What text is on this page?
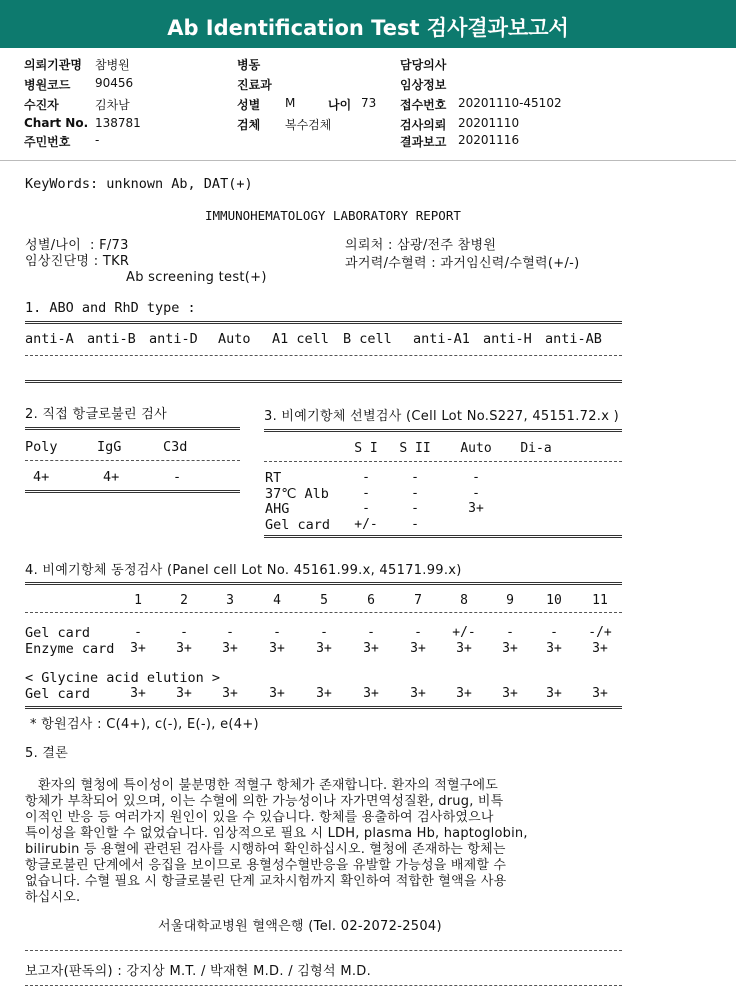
Ab Identification Test 검사결과보고서
의뢰기관명 참병원
병원코드 90456
수진자	김차남
Chart No. 138781
주민번호 -
병동
진료과
성별 M	나이 73
검체 복수검체
담당의사
임상정보
접수번호 20201110-45102
검사의뢰 20201110
결과보고 20201116
KeyWords: unknown Ab, DAT(+)
IMMUNOHEMATOLOGY LABORATORY REPORT
성별/나이  : F/73
임상진단명 : TKR
Ab screening test(+)
의뢰처 : 삼광/전주 참병원
과거력/수혈력 : 과거임신력/수혈력(+/-)
1. ABO and RhD type :
anti-A anti-B anti-D Auto A1 cell B cell anti-A1 anti-H anti-AB
2. 직접 항글로불린 검사
Poly	IgG	C3d
4+	4+	-
3. 비예기항체 선별검사 (Cell Lot No.S227, 45151.72.x )
S I	S II	Auto	Di-a
RT	-	-	-
37℃ Alb	-	-	-
AHG	-	-	3+
Gel card	+/-	-
4. 비예기항체 동정검사 (Panel cell Lot No. 45161.99.x, 45171.99.x)
1	2	3	4	5	6	7	8	9	10	11
Gel card	-	-	-	-	-	-	-	+/-	-	-	-/+
Enzyme card	3+	3+	3+	3+	3+	3+	3+	3+	3+	3+	3+
< Glycine acid elution >
Gel card	3+	3+	3+	3+	3+	3+	3+	3+	3+	3+	3+
* 항원검사 : C(4+), c(-), E(-), e(4+)
5. 결론
환자의 혈청에 특이성이 불분명한 적혈구 항체가 존재합니다. 환자의 적혈구에도
항체가 부착되어 있으며, 이는 수혈에 의한 가능성이나 자가면역성질환, drug, 비특
이적인 반응 등 여러가지 원인이 있을 수 있습니다. 항체를 용출하여 검사하였으나
특이성을 확인할 수 없었습니다. 임상적으로 필요 시 LDH, plasma Hb, haptoglobin,
bilirubin 등 용혈에 관련된 검사를 시행하여 확인하십시오. 혈청에 존재하는 항체는
항글로불린 단계에서 응집을 보이므로 용혈성수혈반응을 유발할 가능성을 배제할 수
없습니다. 수혈 필요 시 항글로불린 단계 교차시험까지 확인하여 적합한 혈액을 사용
하십시오.
서울대학교병원 혈액은행 (Tel. 02-2072-2504)
보고자(판독의) : 강지상 M.T. / 박재현 M.D. / 김형석 M.D.
